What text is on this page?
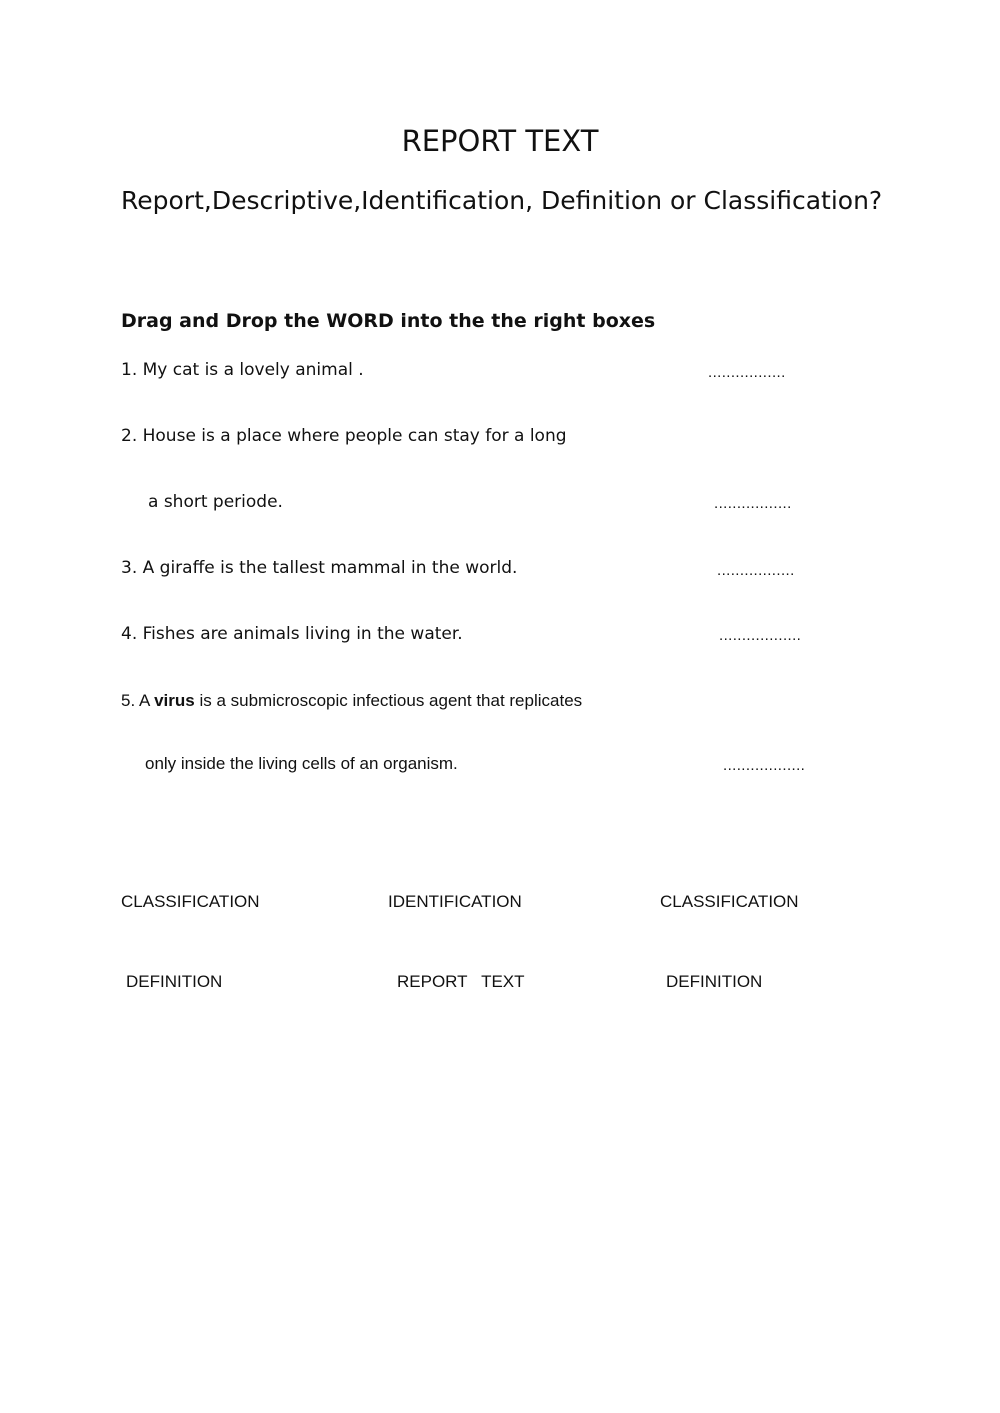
REPORT TEXT
Report,Descriptive,Identification, Definition or Classification?
Drag and Drop the WORD into the the right boxes
1. My cat is a lovely animal .	.................
2. House is a place where people can stay for a long
a short periode.	.................
3. A giraffe is the tallest mammal in the world.	.................
4. Fishes are animals living in the water.	..................
5. A virus is a submicroscopic infectious agent that replicates
only inside the living cells of an organism.	..................
CLASSIFICATION	IDENTIFICATION	CLASSIFICATION
DEFINITION	REPORT   TEXT	DEFINITION
